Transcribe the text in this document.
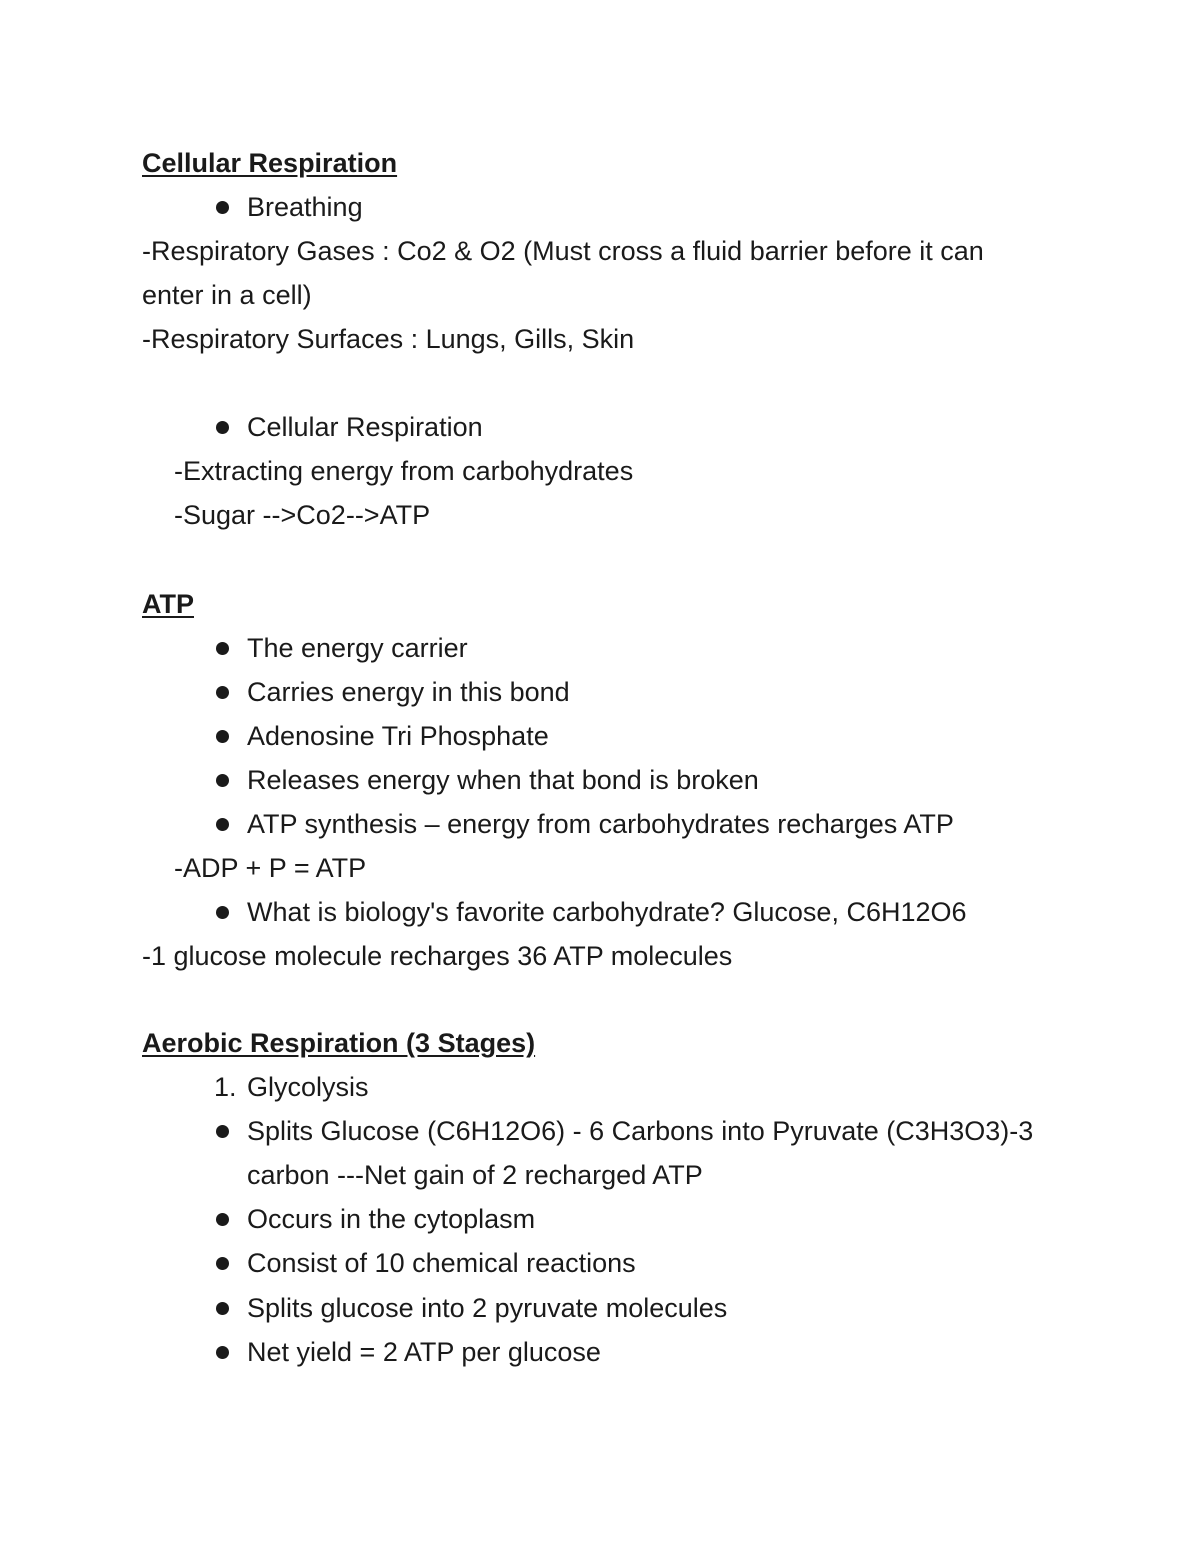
Cellular Respiration
Breathing
-Respiratory Gases : Co2 & O2 (Must cross a fluid barrier before it can
enter in a cell)
-Respiratory Surfaces : Lungs, Gills, Skin
Cellular Respiration
-Extracting energy from carbohydrates
-Sugar -->Co2-->ATP
ATP
The energy carrier
Carries energy in this bond
Adenosine Tri Phosphate
Releases energy when that bond is broken
ATP synthesis – energy from carbohydrates recharges ATP
-ADP + P = ATP
What is biology's favorite carbohydrate? Glucose, C6H12O6
-1 glucose molecule recharges 36 ATP molecules
Aerobic Respiration (3 Stages)
1. Glycolysis
Splits Glucose (C6H12O6) - 6 Carbons into Pyruvate (C3H3O3)-3
carbon ---Net gain of 2 recharged ATP
Occurs in the cytoplasm
Consist of 10 chemical reactions
Splits glucose into 2 pyruvate molecules
Net yield = 2 ATP per glucose
